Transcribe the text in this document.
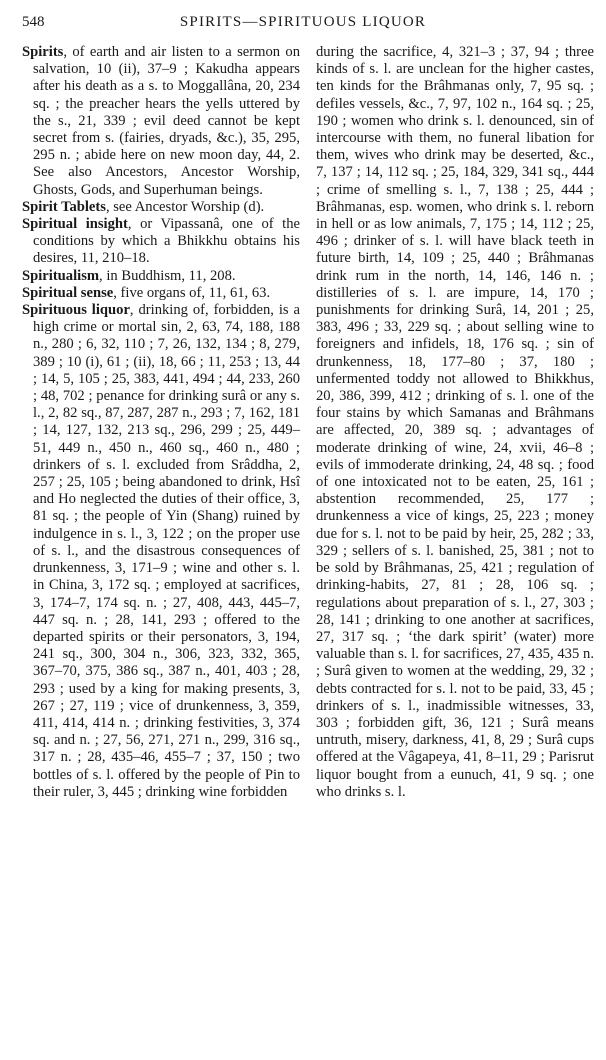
548	SPIRITS—SPIRITUOUS LIQUOR

Spirits, of earth and air listen to a sermon on salvation, 10 (ii), 37–9 ; Kakudha appears after his death as a s. to Moggallâna, 20, 234 sq. ; the preacher hears the yells uttered by the s., 21, 339 ; evil deed cannot be kept secret from s. (fairies, dryads, &c.), 35, 295, 295 n. ; abide here on new moon day, 44, 2. See also Ancestors, Ancestor Worship, Ghosts, Gods, and Superhuman beings.

Spirit Tablets, see Ancestor Worship (d).

Spiritual insight, or Vipassanâ, one of the conditions by which a Bhikkhu obtains his desires, 11, 210–18.

Spiritualism, in Buddhism, 11, 208.

Spiritual sense, five organs of, 11, 61, 63.

Spirituous liquor, drinking of, forbidden, is a high crime or mortal sin, 2, 63, 74, 188, 188 n., 280 ; 6, 32, 110 ; 7, 26, 132, 134 ; 8, 279, 389 ; 10 (i), 61 ; (ii), 18, 66 ; 11, 253 ; 13, 44 ; 14, 5, 105 ; 25, 383, 441, 494 ; 44, 233, 260 ; 48, 702 ; penance for drinking surâ or any s. l., 2, 82 sq., 87, 287, 287 n., 293 ; 7, 162, 181 ; 14, 127, 132, 213 sq., 296, 299 ; 25, 449–51, 449 n., 450 n., 460 sq., 460 n., 480 ; drinkers of s. l. excluded from Srâddha, 2, 257 ; 25, 105 ; being abandoned to drink, Hsî and Ho neglected the duties of their office, 3, 81 sq. ; the people of Yin (Shang) ruined by indulgence in s. l., 3, 122 ; on the proper use of s. l., and the disastrous consequences of drunkenness, 3, 171–9 ; wine and other s. l. in China, 3, 172 sq. ; employed at sacrifices, 3, 174–7, 174 sq. n. ; 27, 408, 443, 445–7, 447 sq. n. ; 28, 141, 293 ; offered to the departed spirits or their personators, 3, 194, 241 sq., 300, 304 n., 306, 323, 332, 365, 367–70, 375, 386 sq., 387 n., 401, 403 ; 28, 293 ; used by a king for making presents, 3, 267 ; 27, 119 ; vice of drunkenness, 3, 359, 411, 414, 414 n. ; drinking festivities, 3, 374 sq. and n. ; 27, 56, 271, 271 n., 299, 316 sq., 317 n. ; 28, 435–46, 455–7 ; 37, 150 ; two bottles of s. l. offered by the people of Pin to their ruler, 3, 445 ; drinking wine forbidden

during the sacrifice, 4, 321–3 ; 37, 94 ; three kinds of s. l. are unclean for the higher castes, ten kinds for the Brâhmanas only, 7, 95 sq. ; defiles vessels, &c., 7, 97, 102 n., 164 sq. ; 25, 190 ; women who drink s. l. denounced, sin of intercourse with them, no funeral libation for them, wives who drink may be deserted, &c., 7, 137 ; 14, 112 sq. ; 25, 184, 329, 341 sq., 444 ; crime of smelling s. l., 7, 138 ; 25, 444 ; Brâhmanas, esp. women, who drink s. l. reborn in hell or as low animals, 7, 175 ; 14, 112 ; 25, 496 ; drinker of s. l. will have black teeth in future birth, 14, 109 ; 25, 440 ; Brâhmanas drink rum in the north, 14, 146, 146 n. ; distilleries of s. l. are impure, 14, 170 ; punishments for drinking Surâ, 14, 201 ; 25, 383, 496 ; 33, 229 sq. ; about selling wine to foreigners and infidels, 18, 176 sq. ; sin of drunkenness, 18, 177–80 ; 37, 180 ; unfermented toddy not allowed to Bhikkhus, 20, 386, 399, 412 ; drinking of s. l. one of the four stains by which Samanas and Brâhmans are affected, 20, 389 sq. ; advantages of moderate drinking of wine, 24, xvii, 46–8 ; evils of immoderate drinking, 24, 48 sq. ; food of one intoxicated not to be eaten, 25, 161 ; abstention recommended, 25, 177 ; drunkenness a vice of kings, 25, 223 ; money due for s. l. not to be paid by heir, 25, 282 ; 33, 329 ; sellers of s. l. banished, 25, 381 ; not to be sold by Brâhmanas, 25, 421 ; regulation of drinking-habits, 27, 81 ; 28, 106 sq. ; regulations about preparation of s. l., 27, 303 ; 28, 141 ; drinking to one another at sacrifices, 27, 317 sq. ; ‘the dark spirit’ (water) more valuable than s. l. for sacrifices, 27, 435, 435 n. ; Surâ given to women at the wedding, 29, 32 ; debts contracted for s. l. not to be paid, 33, 45 ; drinkers of s. l., inadmissible witnesses, 33, 303 ; forbidden gift, 36, 121 ; Surâ means untruth, misery, darkness, 41, 8, 29 ; Surâ cups offered at the Vâgapeya, 41, 8–11, 29 ; Parisrut liquor bought from a eunuch, 41, 9 sq. ; one who drinks s. l.
